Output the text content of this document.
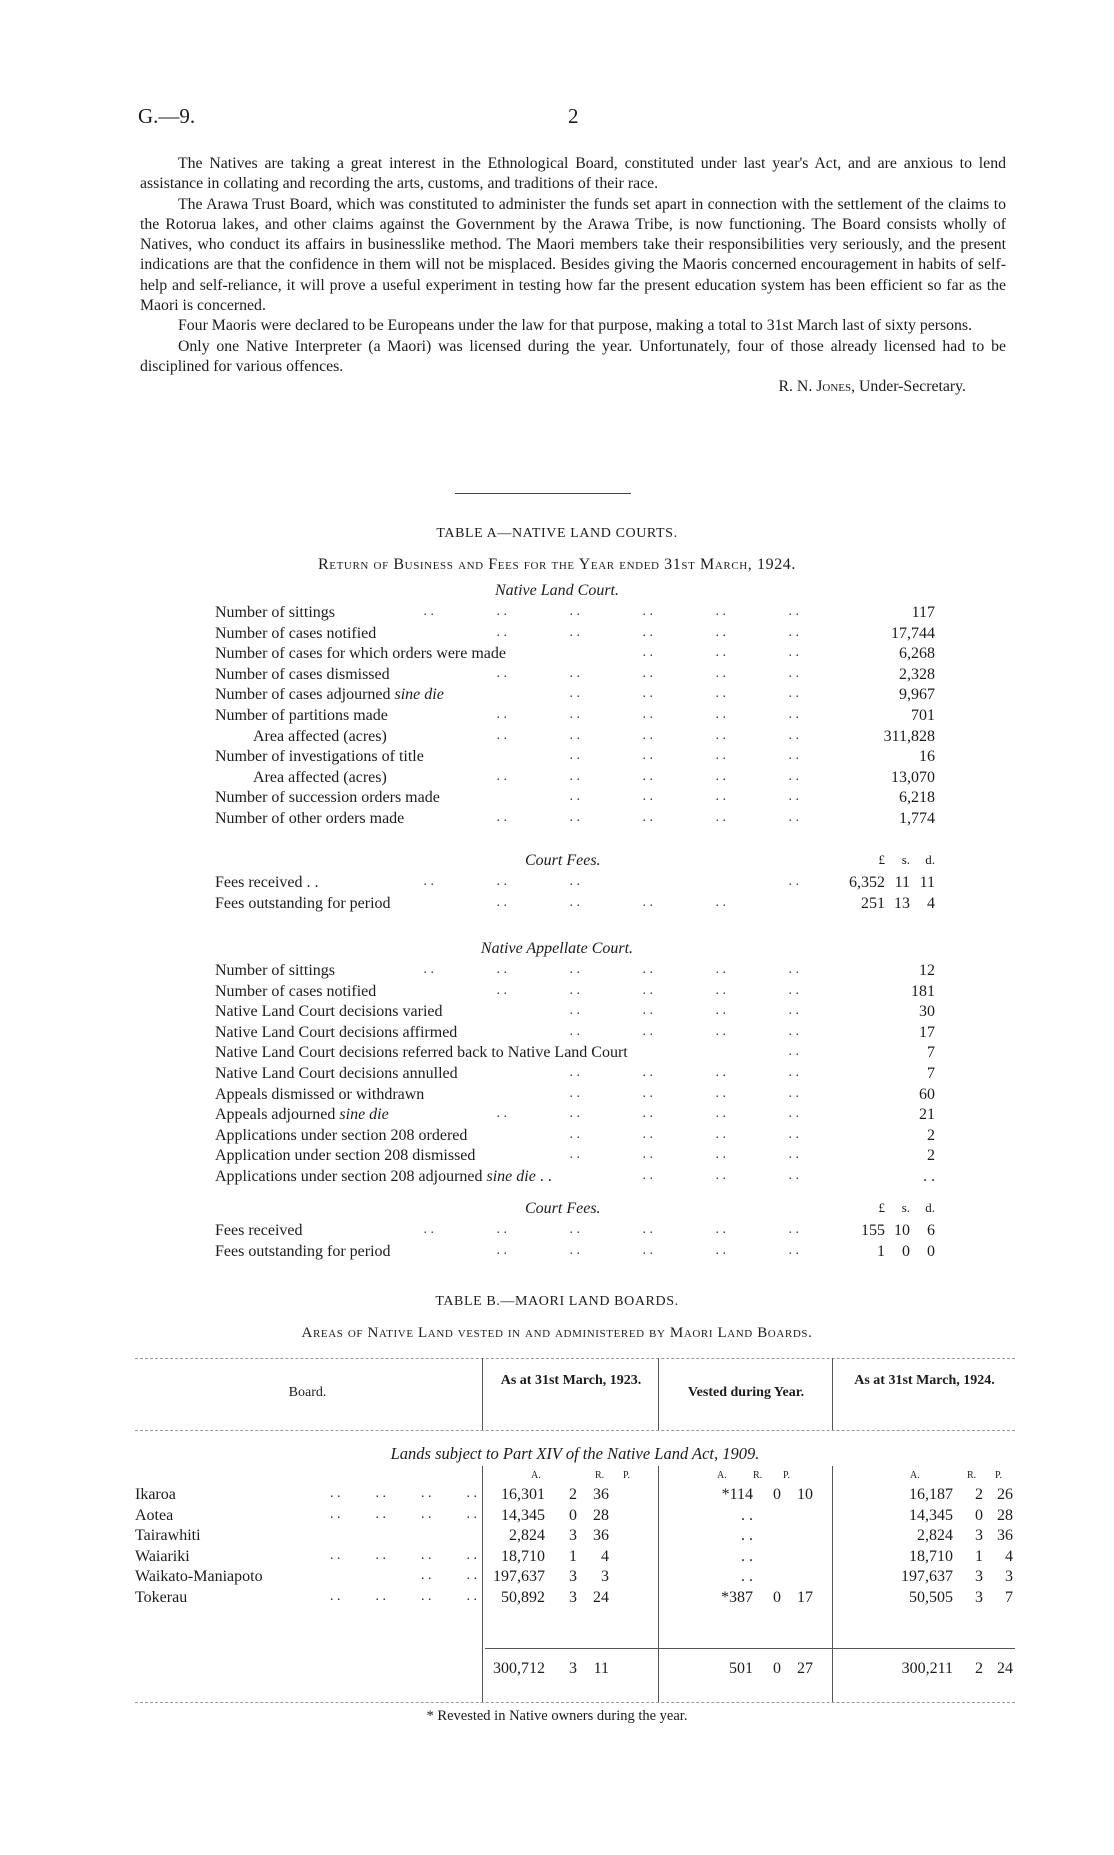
G.—9.	2

The Natives are taking a great interest in the Ethnological Board, constituted under last year's Act, and are anxious to lend assistance in collating and recording the arts, customs, and traditions of their race.

The Arawa Trust Board, which was constituted to administer the funds set apart in connection with the settlement of the claims to the Rotorua lakes, and other claims against the Government by the Arawa Tribe, is now functioning. The Board consists wholly of Natives, who conduct its affairs in businesslike method. The Maori members take their responsibilities very seriously, and the present indications are that the confidence in them will not be misplaced. Besides giving the Maoris concerned encouragement in habits of self-help and self-reliance, it will prove a useful experiment in testing how far the present education system has been efficient so far as the Maori is concerned.

Four Maoris were declared to be Europeans under the law for that purpose, making a total to 31st March last of sixty persons.

Only one Native Interpreter (a Maori) was licensed during the year. Unfortunately, four of those already licensed had to be disciplined for various offences.

R. N. Jones, Under-Secretary.
TABLE A—NATIVE LAND COURTS.
Return of Business and Fees for the Year ended 31st March, 1924.
Native Land Court.
. .	. .	. .	. .	. .	. .
Number of sittings	117
. .	. .	. .	. .	. .
Number of cases notified	17,744
. .	. .	. .
Number of cases for which orders were made	6,268
. .	. .	. .	. .	. .
Number of cases dismissed	2,328
. .	. .	. .	. .
Number of cases adjourned sine die	9,967
. .	. .	. .	. .	. .
Number of partitions made	701
. .	. .	. .	. .	. .
Area affected (acres)	311,828
. .	. .	. .	. .
Number of investigations of title	16
. .	. .	. .	. .	. .
Area affected (acres)	13,070
. .	. .	. .	. .
Number of succession orders made	6,218
. .	. .	. .	. .	. .
Number of other orders made	1,774
Court Fees.	£	s.	d.
. .	. .	. .	. .
Fees received . .	6,352 11 11
. .	. .	. .	. .
Fees outstanding for period	251 13	4
Native Appellate Court.
. .	. .	. .	. .	. .	. .
Number of sittings	12
. .	. .	. .	. .	. .
Number of cases notified	181
. .	. .	. .	. .
Native Land Court decisions varied	30
. .	. .	. .	. .
Native Land Court decisions affirmed	17
. .
Native Land Court decisions referred back to Native Land Court	7
. .	. .	. .	. .
Native Land Court decisions annulled	7
. .	. .	. .	. .
Appeals dismissed or withdrawn	60
. .	. .	. .	. .	. .
Appeals adjourned sine die	21
. .	. .	. .	. .
Applications under section 208 ordered	2
. .	. .	. .	. .
Application under section 208 dismissed	2
. .	. .	. .
Applications under section 208 adjourned sine die . .	. .
Court Fees.	£	s.	d.
. .	. .	. .	. .	. .	. .
Fees received	155 10	6
. .	. .	. .	. .	. .
Fees outstanding for period	1	0	0
TABLE B.—MAORI LAND BOARDS.
Areas of Native Land vested in and administered by Maori Land Boards.
Board.
As at 31st March, 1923.
Vested during Year.
As at 31st March, 1924.
Lands subject to Part XIV of the Native Land Act, 1909.
A.	R. P.	A.	R. P.	A.	R. P.
Ikaroa	. .          . .          . .          . . 16,301 2 36	*114 0 10	16,187 2 26
Aotea	. .          . .          . .          . . 14,345 0 28	. .	14,345 0 28
Tairawhiti	2,824 3 36	. .	2,824 3 36
Waiariki	. .          . .          . .          . . 18,710 1 4	. .	18,710 1 4
Waikato-Maniapoto	. .          . . 197,637 3 3	. .	197,637 3 3
Tokerau	. .          . .          . .          . . 50,892 3 24	*387 0 17	50,505 3 7
300,712 3 11	501 0 27	300,211 2 24
* Revested in Native owners during the year.
